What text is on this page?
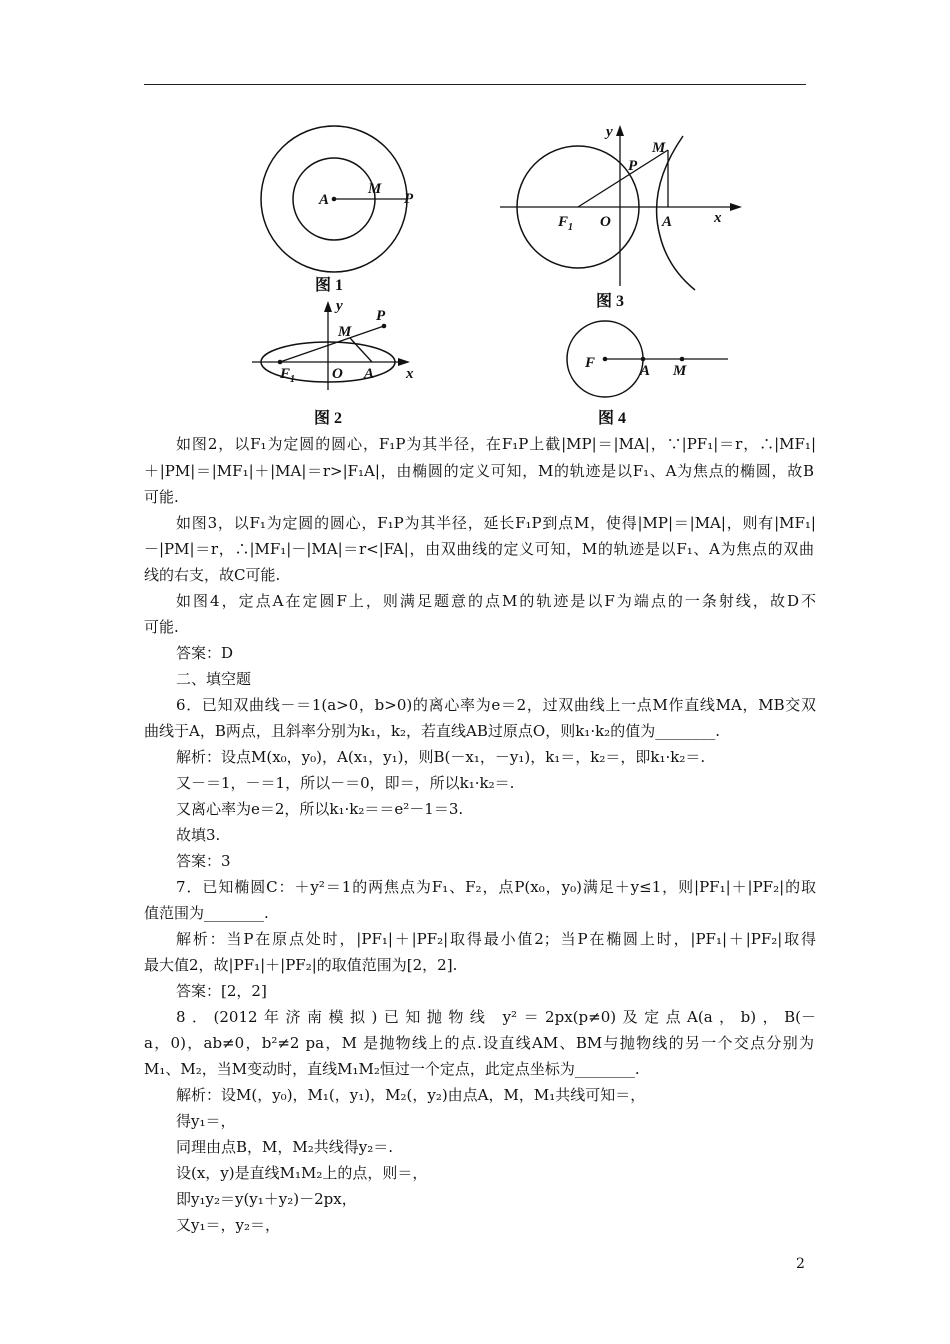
A
M
P
图 1
y
P
M
$F_1$ O A x
图 2
y
M
P
$F_1$ O	A	x
图 3
F	A M
图 4
如图2，以F₁为定圆的圆心，F₁P为其半径，在F₁P上截|MP|＝|MA|，∵|PF₁|＝r，∴|MF₁|
＋|PM|＝|MF₁|＋|MA|＝r>|F₁A|，由椭圆的定义可知，M的轨迹是以F₁、A为焦点的椭圆，故B
可能.
如图3，以F₁为定圆的圆心，F₁P为其半径，延长F₁P到点M，使得|MP|＝|MA|，则有|MF₁|
－|PM|＝r，∴|MF₁|－|MA|＝r<|FA|，由双曲线的定义可知，M的轨迹是以F₁、A为焦点的双曲
线的右支，故C可能.
如图4，定点A在定圆F上，则满足题意的点M的轨迹是以F为端点的一条射线，故D不
可能.
答案：D
二、填空题
6．已知双曲线－＝1(a>0，b>0)的离心率为e＝2，过双曲线上一点M作直线MA，MB交双
曲线于A，B两点，且斜率分别为k₁，k₂，若直线AB过原点O，则k₁·k₂的值为________.
解析：设点M(x₀，y₀)，A(x₁，y₁)，则B(－x₁，－y₁)，k₁＝，k₂＝，即k₁·k₂＝.
又－＝1，－＝1，所以－＝0，即＝，所以k₁·k₂＝.
又离心率为e＝2，所以k₁·k₂＝＝e²－1＝3.
故填3.
答案：3
7．已知椭圆C：＋y²＝1的两焦点为F₁、F₂，点P(x₀，y₀)满足＋y≤1，则|PF₁|＋|PF₂|的取
值范围为________.
解析：当P在原点处时，|PF₁|＋|PF₂|取得最小值2；当P在椭圆上时，|PF₁|＋|PF₂|取得
最大值2，故|PF₁|＋|PF₂|的取值范围为[2，2].
答案：[2，2]
8．(2012年济南模拟)已知抛物线 y²＝2px(p≠0)及定点A(a，b)，B(－
a，0)，ab≠0，b²≠2 pa，M 是抛物线上的点.设直线AM、BM与抛物线的另一个交点分别为
M₁、M₂，当M变动时，直线M₁M₂恒过一个定点，此定点坐标为________.
解析：设M(，y₀)，M₁(，y₁)，M₂(，y₂)由点A，M，M₁共线可知＝，
得y₁＝，
同理由点B，M，M₂共线得y₂＝.
设(x，y)是直线M₁M₂上的点，则＝，
即y₁y₂＝y(y₁＋y₂)－2px，
又y₁＝，y₂＝，
2
